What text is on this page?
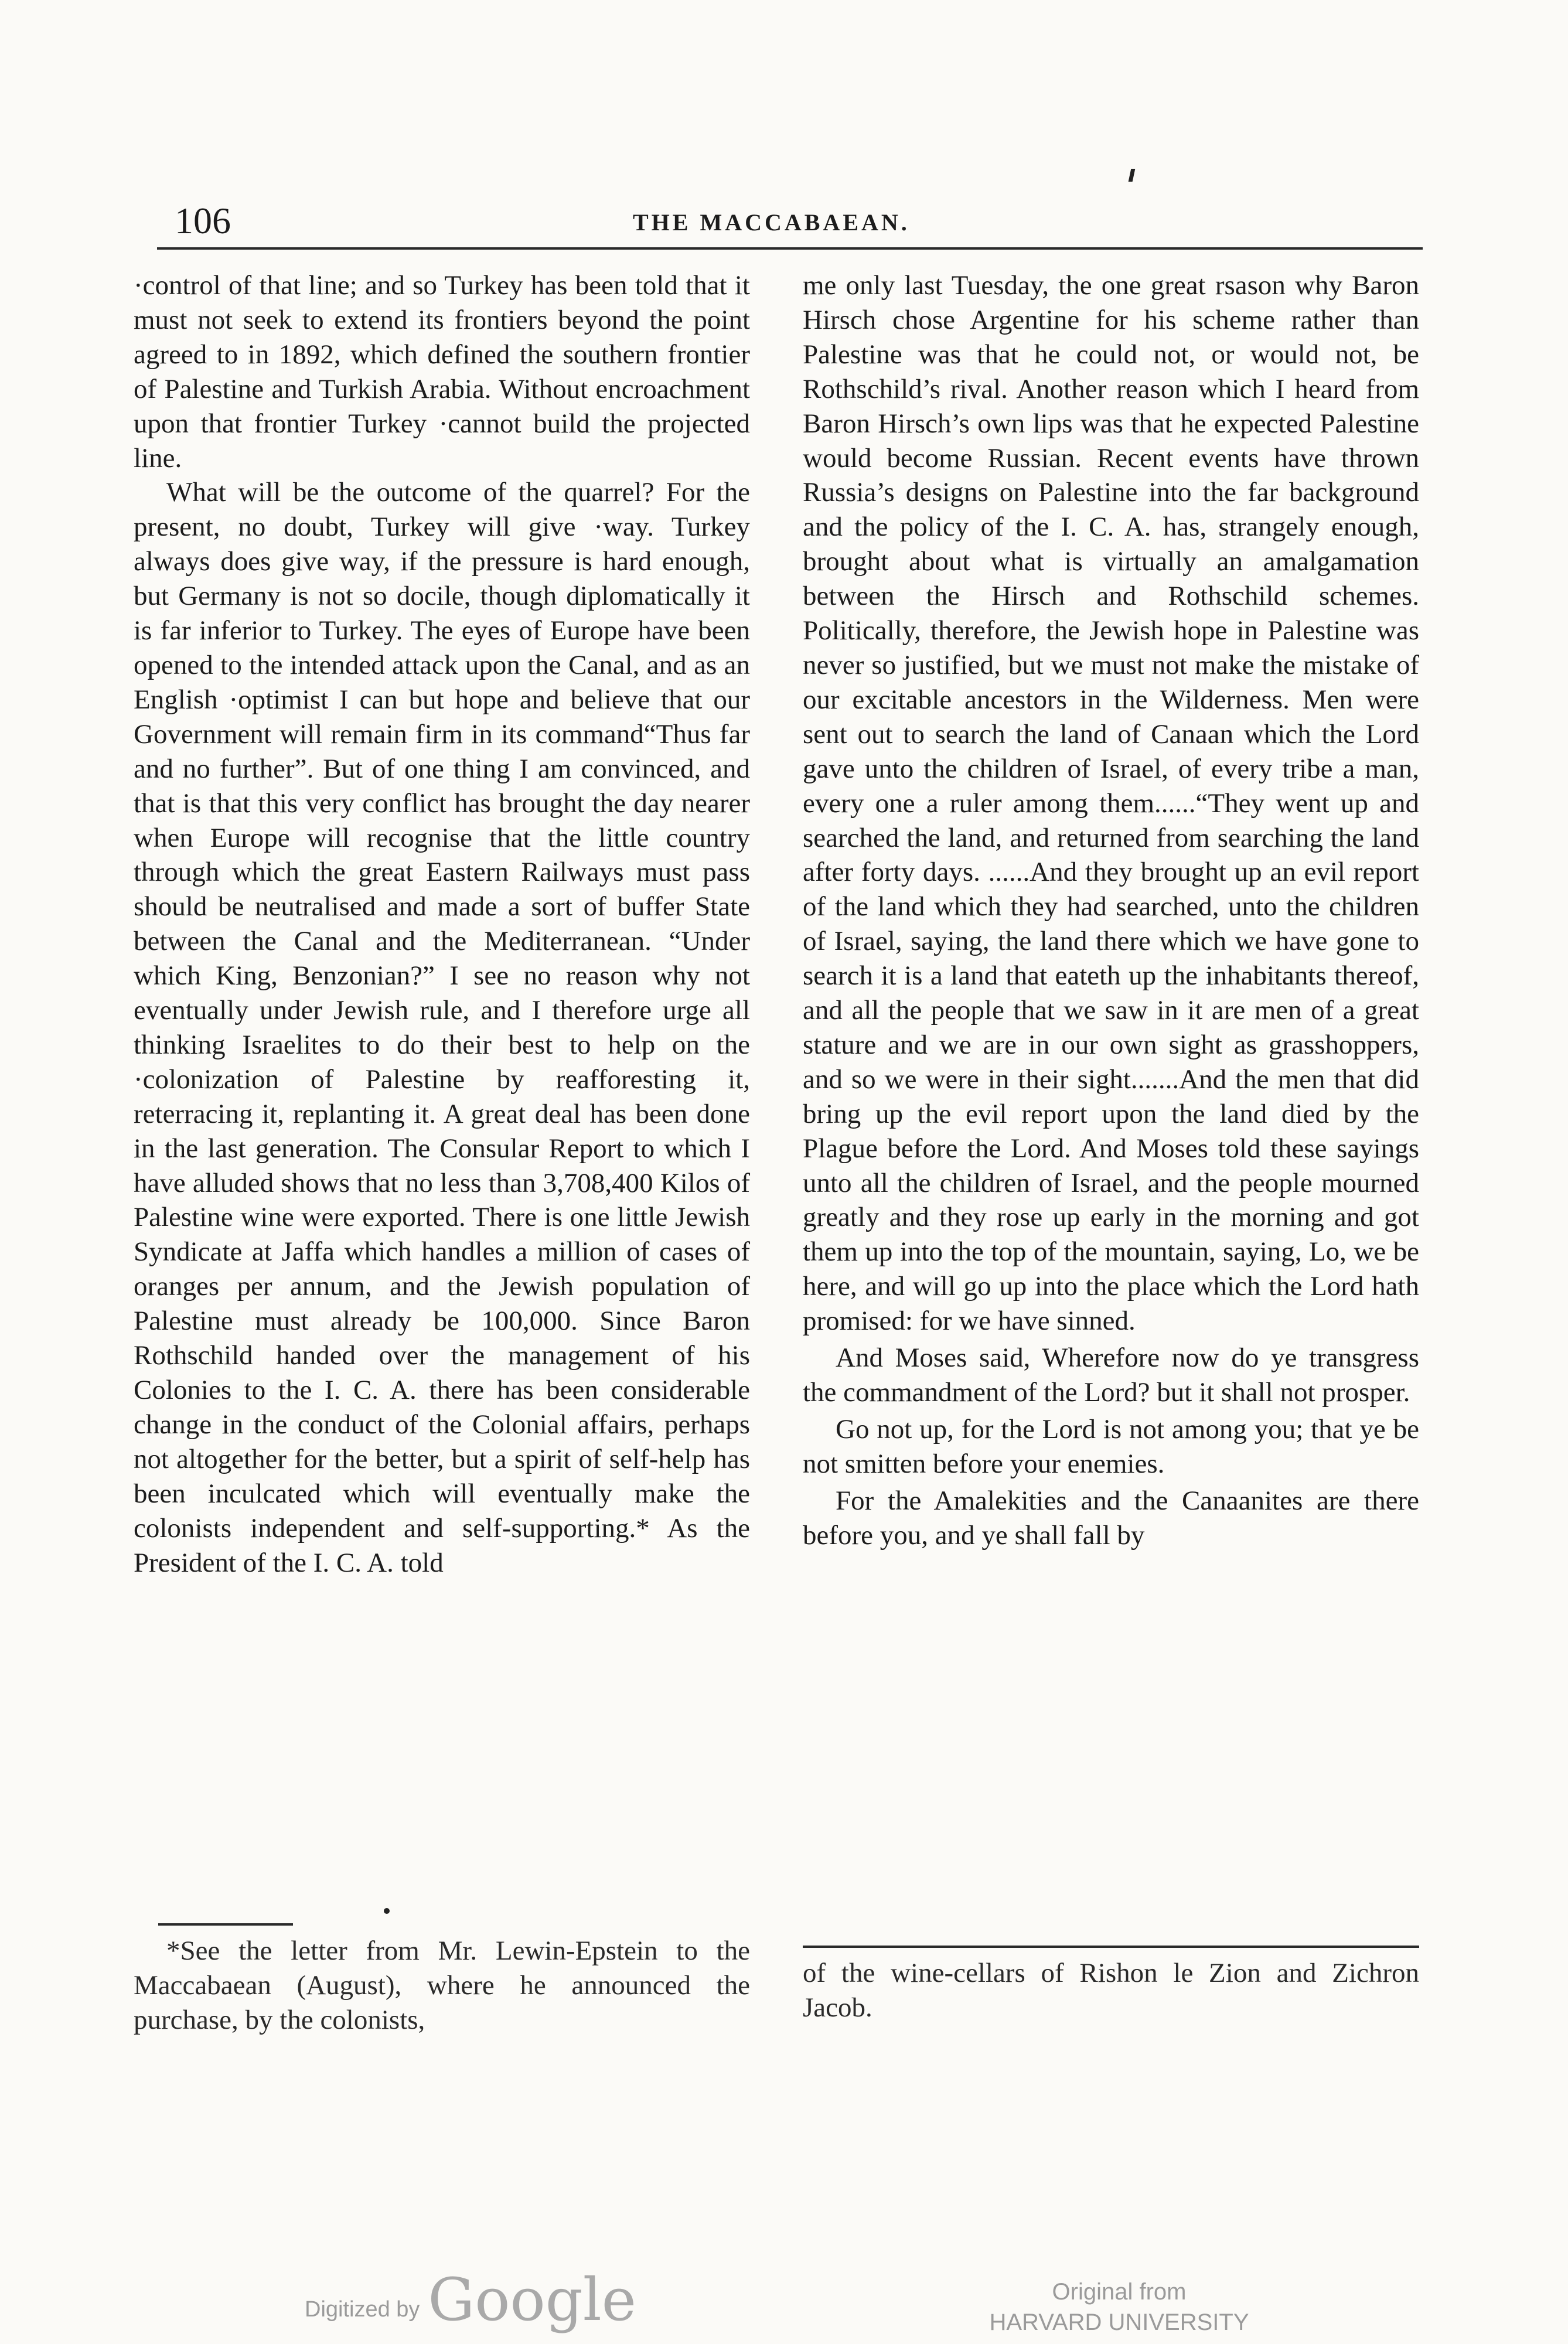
106	THE MACCABAEAN.

·control of that line; and so Turkey has been told that it must not seek to extend its frontiers beyond the point agreed to in 1892, which defined the southern frontier of Palestine and Turkish Arabia. Without encroachment upon that frontier Turkey ·cannot build the projected line.

What will be the outcome of the quarrel? For the present, no doubt, Turkey will give ·way. Turkey always does give way, if the pressure is hard enough, but Germany is not so docile, though diplomatically it is far inferior to Turkey. The eyes of Europe have been opened to the intended attack upon the Canal, and as an English ·optimist I can but hope and believe that our Government will remain firm in its command“Thus far and no further”. But of one thing I am convinced, and that is that this very conflict has brought the day nearer when Europe will recognise that the little country through which the great Eastern Railways must pass should be neutralised and made a sort of buffer State between the Canal and the Mediterranean. “Under which King, Benzonian?” I see no reason why not eventually under Jewish rule, and I therefore urge all thinking Israelites to do their best to help on the ·colonization of Palestine by reafforesting it, reterracing it, replanting it. A great deal has been done in the last generation. The Consular Report to which I have alluded shows that no less than 3,708,400 Kilos of Palestine wine were exported. There is one little Jewish Syndicate at Jaffa which handles a million of cases of oranges per annum, and the Jewish population of Palestine must already be 100,000. Since Baron Rothschild handed over the management of his Colonies to the I. C. A. there has been considerable change in the conduct of the Colonial affairs, perhaps not altogether for the better, but a spirit of self-help has been inculcated which will eventually make the colonists independent and self-supporting.* As the President of the I. C. A. told

me only last Tuesday, the one great rsason why Baron Hirsch chose Argentine for his scheme rather than Palestine was that he could not, or would not, be Rothschild’s rival. Another reason which I heard from Baron Hirsch’s own lips was that he expected Palestine would become Russian. Recent events have thrown Russia’s designs on Palestine into the far background and the policy of the I. C. A. has, strangely enough, brought about what is virtually an amalgamation between the Hirsch and Rothschild schemes. Politically, therefore, the Jewish hope in Palestine was never so justified, but we must not make the mistake of our excitable ancestors in the Wilderness. Men were sent out to search the land of Canaan which the Lord gave unto the children of Israel, of every tribe a man, every one a ruler among them......“They went up and searched the land, and returned from searching the land after forty days. ......And they brought up an evil report of the land which they had searched, unto the children of Israel, saying, the land there which we have gone to search it is a land that eateth up the inhabitants thereof, and all the people that we saw in it are men of a great stature and we are in our own sight as grasshoppers, and so we were in their sight.......And the men that did bring up the evil report upon the land died by the Plague before the Lord. And Moses told these sayings unto all the children of Israel, and the people mourned greatly and they rose up early in the morning and got them up into the top of the mountain, saying, Lo, we be here, and will go up into the place which the Lord hath promised: for we have sinned.

And Moses said, Wherefore now do ye transgress the commandment of the Lord? but it shall not prosper.

Go not up, for the Lord is not among you; that ye be not smitten before your enemies.

For the Amalekities and the Canaanites are there before you, and ye shall fall by

*See the letter from Mr. Lewin-Epstein to the Maccabaean (August), where he announced the purchase, by the colonists,

of the wine-cellars of Rishon le Zion and Zichron Jacob.

Digitized by Google	Original from
HARVARD UNIVERSITY
